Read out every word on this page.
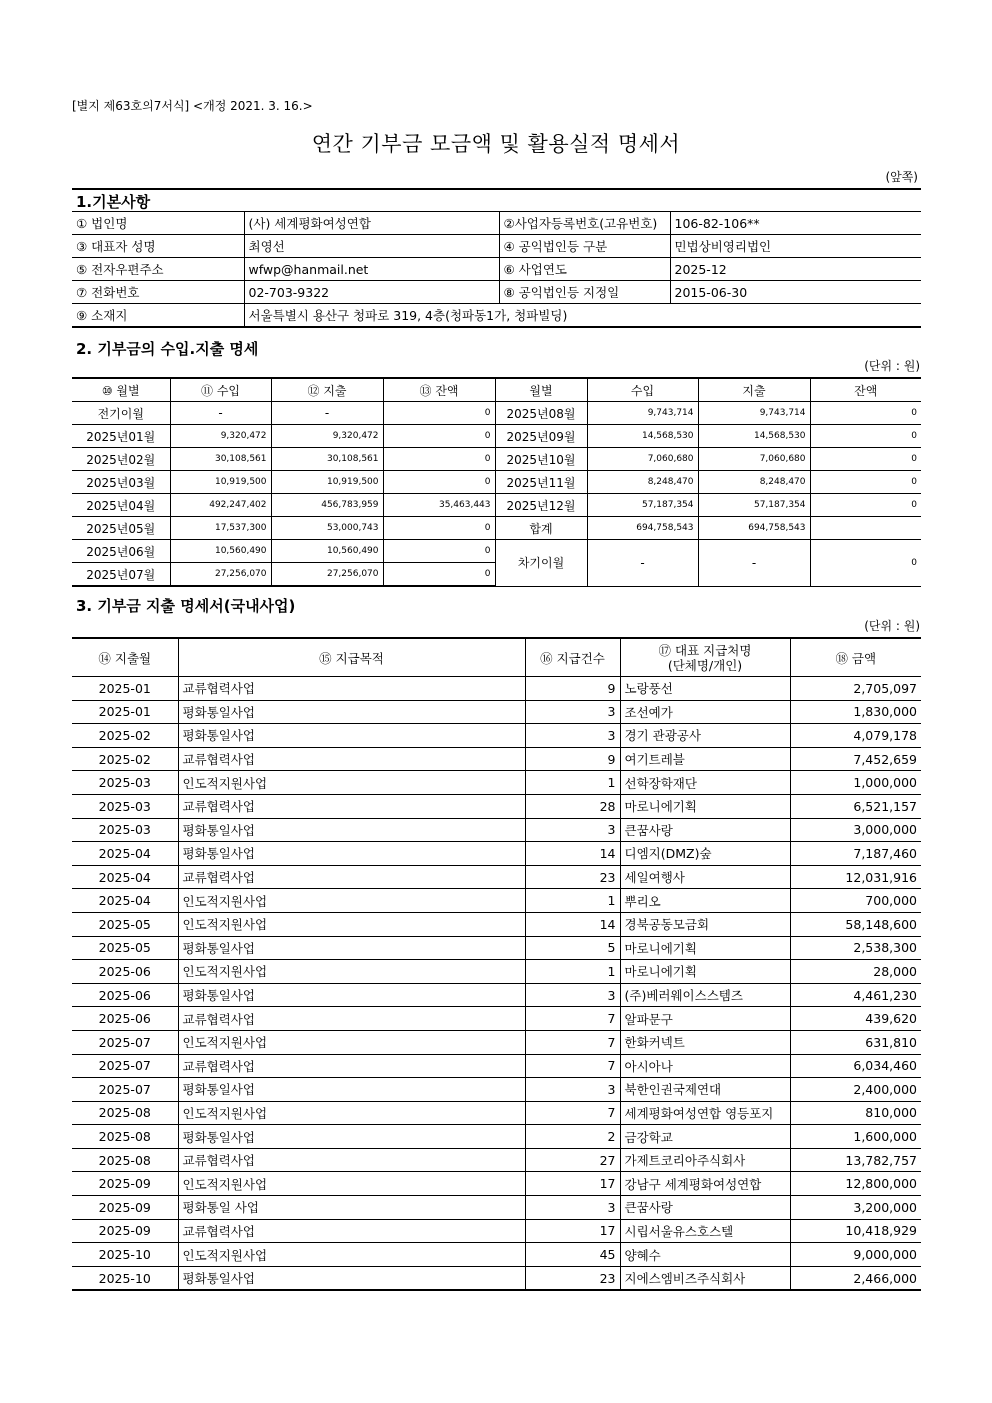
[별지 제63호의7서식] <개정 2021. 3. 16.>
연간 기부금 모금액 및 활용실적 명세서
(앞쪽)
1.기본사항
① 법인명	(사) 세계평화여성연합	②사업자등록번호(고유번호)	106-82-106**
③ 대표자 성명	최영선	④ 공익법인등 구분	민법상비영리법인
⑤ 전자우편주소	wfwp@hanmail.net	⑥ 사업연도	2025-12
⑦ 전화번호	02-703-9322	⑧ 공익법인등 지정일	2015-06-30
⑨ 소재지	서울특별시 용산구 청파로 319, 4층(청파동1가, 청파빌딩)		
2. 기부금의 수입.지출 명세
(단위 : 원)
⑩ 월별	⑪ 수입	⑫ 지출	⑬ 잔액	월별	수입	지출	잔액
전기이월	-	-	0	2025년08월	9,743,714	9,743,714	0
2025년01월	9,320,472	9,320,472	0	2025년09월	14,568,530	14,568,530	0
2025년02월	30,108,561	30,108,561	0	2025년10월	7,060,680	7,060,680	0
2025년03월	10,919,500	10,919,500	0	2025년11월	8,248,470	8,248,470	0
2025년04월	492,247,402	456,783,959	35,463,443	2025년12월	57,187,354	57,187,354	0
2025년05월	17,537,300	53,000,743	0	합계	694,758,543	694,758,543	
2025년06월	10,560,490	10,560,490	0	차기이월	-	-	0
2025년07월	27,256,070	27,256,070	0				
3. 기부금 지출 명세서(국내사업)
(단위 : 원)
⑭ 지출월	⑮ 지급목적	⑯ 지급건수	⑰ 대표 지급처명
(단체명/개인)	⑱ 금액
2025-01	교류협력사업	9	노랑풍선	2,705,097
2025-01	평화통일사업	3	조선예가	1,830,000
2025-02	평화통일사업	3	경기 관광공사	4,079,178
2025-02	교류협력사업	9	여기트레블	7,452,659
2025-03	인도적지원사업	1	선학장학재단	1,000,000
2025-03	교류협력사업	28	마로니에기획	6,521,157
2025-03	평화통일사업	3	큰꿈사랑	3,000,000
2025-04	평화통일사업	14	디엠지(DMZ)숲	7,187,460
2025-04	교류협력사업	23	세일여행사	12,031,916
2025-04	인도적지원사업	1	뿌리오	700,000
2025-05	인도적지원사업	14	경북공동모금회	58,148,600
2025-05	평화통일사업	5	마로니에기획	2,538,300
2025-06	인도적지원사업	1	마로니에기획	28,000
2025-06	평화통일사업	3	(주)베러웨이스스템즈	4,461,230
2025-06	교류협력사업	7	알파문구	439,620
2025-07	인도적지원사업	7	한화커넥트	631,810
2025-07	교류협력사업	7	아시아나	6,034,460
2025-07	평화통일사업	3	북한인권국제연대	2,400,000
2025-08	인도적지원사업	7	세계평화여성연합 영등포지	810,000
2025-08	평화통일사업	2	금강학교	1,600,000
2025-08	교류협력사업	27	가제트코리아주식회사	13,782,757
2025-09	인도적지원사업	17	강남구 세계평화여성연합	12,800,000
2025-09	평화통일 사업	3	큰꿈사랑	3,200,000
2025-09	교류협력사업	17	시립서울유스호스텔	10,418,929
2025-10	인도적지원사업	45	양혜수	9,000,000
2025-10	평화통일사업	23	지에스엠비즈주식회사	2,466,000
